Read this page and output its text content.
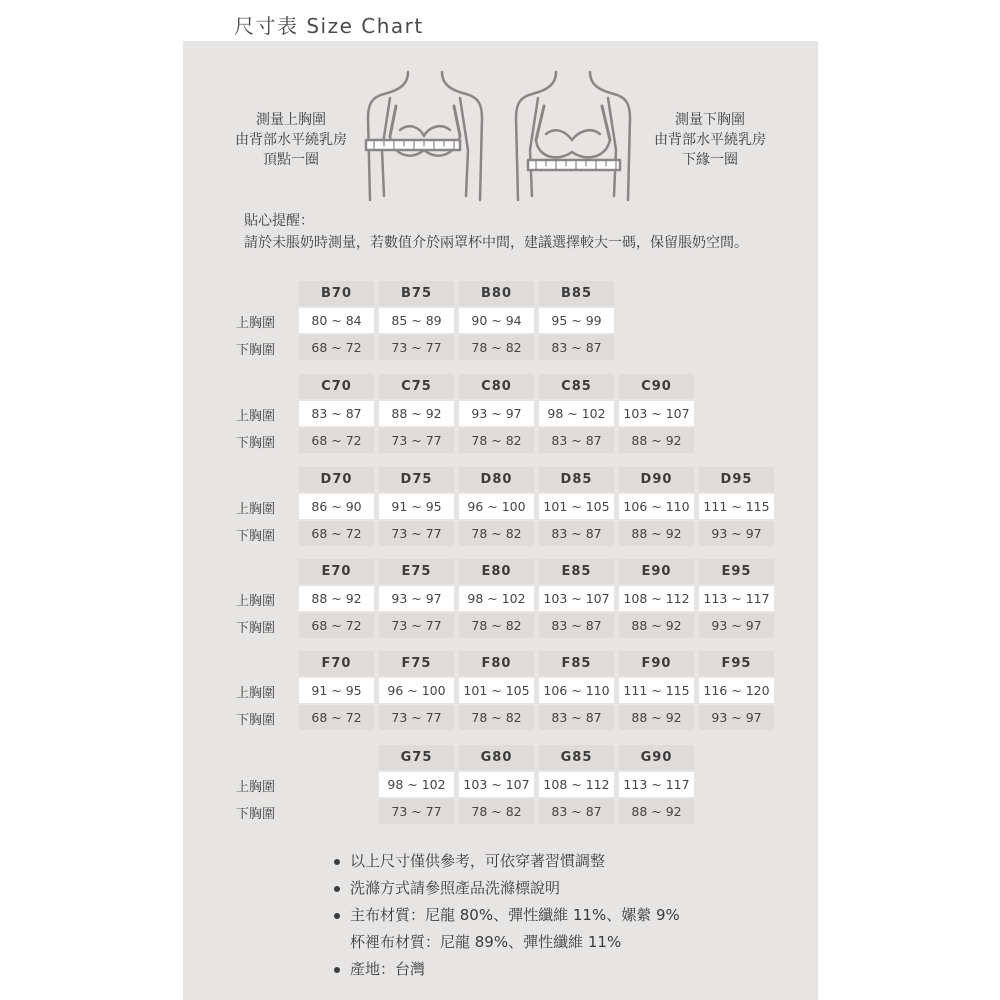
尺寸表 Size Chart
測量上胸圍
由背部水平繞乳房
頂點一圈
測量下胸圍
由背部水平繞乳房
下緣一圈
貼心提醒：
請於未脹奶時測量，若數值介於兩罩杯中間，建議選擇較大一碼，保留脹奶空間。
上胸圍
下胸圍
B70
80 ~ 84
68 ~ 72
B75
85 ~ 89
73 ~ 77
B80
90 ~ 94
78 ~ 82
B85
95 ~ 99
83 ~ 87
上胸圍
下胸圍
C70
83 ~ 87
68 ~ 72
C75
88 ~ 92
73 ~ 77
C80
93 ~ 97
78 ~ 82
C85
98 ~ 102
83 ~ 87
C90
103 ~ 107
88 ~ 92
上胸圍
下胸圍
D70
86 ~ 90
68 ~ 72
D75
91 ~ 95
73 ~ 77
D80
96 ~ 100
78 ~ 82
D85
101 ~ 105
83 ~ 87
D90
106 ~ 110
88 ~ 92
D95
111 ~ 115
93 ~ 97
上胸圍
下胸圍
E70
88 ~ 92
68 ~ 72
E75
93 ~ 97
73 ~ 77
E80
98 ~ 102
78 ~ 82
E85
103 ~ 107
83 ~ 87
E90
108 ~ 112
88 ~ 92
E95
113 ~ 117
93 ~ 97
上胸圍
下胸圍
F70
91 ~ 95
68 ~ 72
F75
96 ~ 100
73 ~ 77
F80
101 ~ 105
78 ~ 82
F85
106 ~ 110
83 ~ 87
F90
111 ~ 115
88 ~ 92
F95
116 ~ 120
93 ~ 97
上胸圍
下胸圍
G75
98 ~ 102
73 ~ 77
G80
103 ~ 107
78 ~ 82
G85
108 ~ 112
83 ~ 87
G90
113 ~ 117
88 ~ 92
以上尺寸僅供參考，可依穿著習慣調整
洗滌方式請參照產品洗滌標說明
主布材質：尼龍 80%、彈性纖維 11%、嫘縈 9%
杯裡布材質：尼龍 89%、彈性纖維 11%
產地：台灣
